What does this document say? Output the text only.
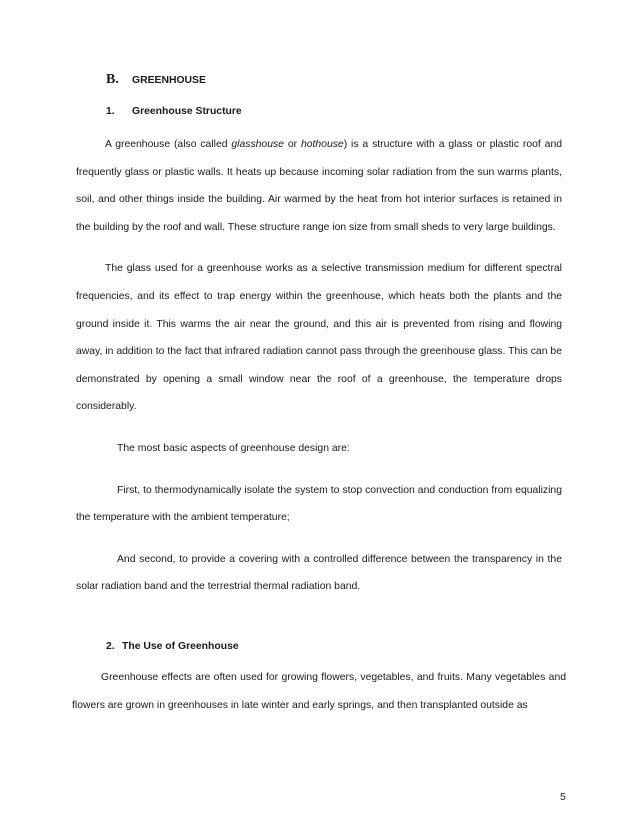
B.	GREENHOUSE
1.	Greenhouse Structure

A greenhouse (also called glasshouse or hothouse) is a structure with a glass or plastic roof and frequently glass or plastic walls. It heats up because incoming solar radiation from the sun warms plants, soil, and other things inside the building. Air warmed by the heat from hot interior surfaces is retained in the building by the roof and wall. These structure range ion size from small sheds to very large buildings.

The glass used for a greenhouse works as a selective transmission medium for different spectral frequencies, and its effect to trap energy within the greenhouse, which heats both the plants and the ground inside it. This warms the air near the ground, and this air is prevented from rising and flowing away, in addition to the fact that infrared radiation cannot pass through the greenhouse glass. This can be demonstrated by opening a small window near the roof of a greenhouse, the temperature drops considerably.

The most basic aspects of greenhouse design are:

First, to thermodynamically isolate the system to stop convection and conduction from equalizing the temperature with the ambient temperature;

And second, to provide a covering with a controlled difference between the transparency in the solar radiation band and the terrestrial thermal radiation band.

2. The Use of Greenhouse

Greenhouse effects are often used for growing flowers, vegetables, and fruits. Many vegetables and flowers are grown in greenhouses in late winter and early springs, and then transplanted outside as

5
